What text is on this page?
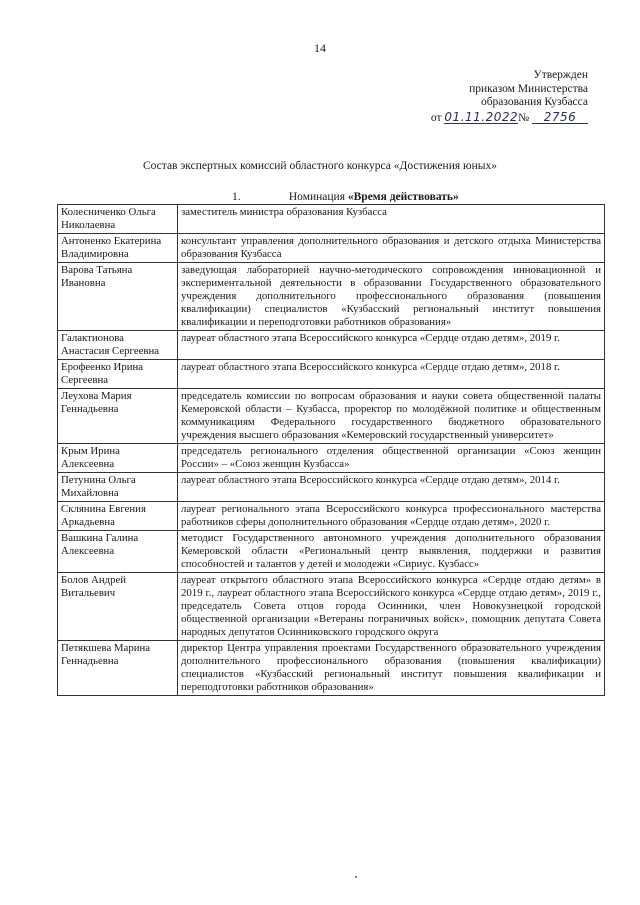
14
Утвержден
приказом Министерства
образования Кузбасса
от 01.11.2022№ 2756
Состав экспертных комиссий областного конкурса «Достижения юных»
1.	Номинация «Время действовать»
Колесниченко Ольга Николаевна	заместитель министра образования Кузбасса
Антоненко Екатерина Владимировна	консультант управления дополнительного образования и детского отдыха Министерства образования Кузбасса
Варова Татьяна Ивановна	заведующая лабораторией научно-методического сопровождения инновационной и экспериментальной деятельности в образовании Государственного образовательного учреждения дополнительного профессионального образования (повышения квалификации) специалистов «Кузбасский региональный институт повышения квалификации и переподготовки работников образования»
Галактионова Анастасия Сергеевна	лауреат областного этапа Всероссийского конкурса «Сердце отдаю детям», 2019 г.
Ерофеенко Ирина Сергеевна	лауреат областного этапа Всероссийского конкурса «Сердце отдаю детям», 2018 г.
Леухова Мария Геннадьевна	председатель комиссии по вопросам образования и науки совета общественной палаты Кемеровской области – Кузбасса, проректор по молодёжной политике и общественным коммуникациям Федерального государственного бюджетного образовательного учреждения высшего образования «Кемеровский государственный университет»
Крым Ирина Алексеевна	председатель регионального отделения общественной организации «Союз женщин России» – «Союз женщин Кузбасса»
Петунина Ольга Михайловна	лауреат областного этапа Всероссийского конкурса «Сердце отдаю детям», 2014 г.
Склянина Евгения Аркадьевна	лауреат регионального этапа Всероссийского конкурса профессионального мастерства работников сферы дополнительного образования «Сердце отдаю детям», 2020 г.
Вашкина Галина Алексеевна	методист Государственного автономного учреждения дополнительного образования Кемеровской области «Региональный центр выявления, поддержки и развития способностей и талантов у детей и молодежи «Сириус. Кузбасс»
Болов Андрей Витальевич	лауреат открытого областного этапа Всероссийского конкурса «Сердце отдаю детям» в 2019 г., лауреат областного этапа Всероссийского конкурса «Сердце отдаю детям», 2019 г., председатель Совета отцов города Осинники, член Новокузнецкой городской общественной организации «Ветераны пограничных войск», помощник депутата Совета народных депутатов Осинниковского городского округа
Петякшева Марина Геннадьевна	директор Центра управления проектами Государственного образовательного учреждения дополнительного профессионального образования (повышения квалификации) специалистов «Кузбасский региональный институт повышения квалификации и переподготовки работников образования»
